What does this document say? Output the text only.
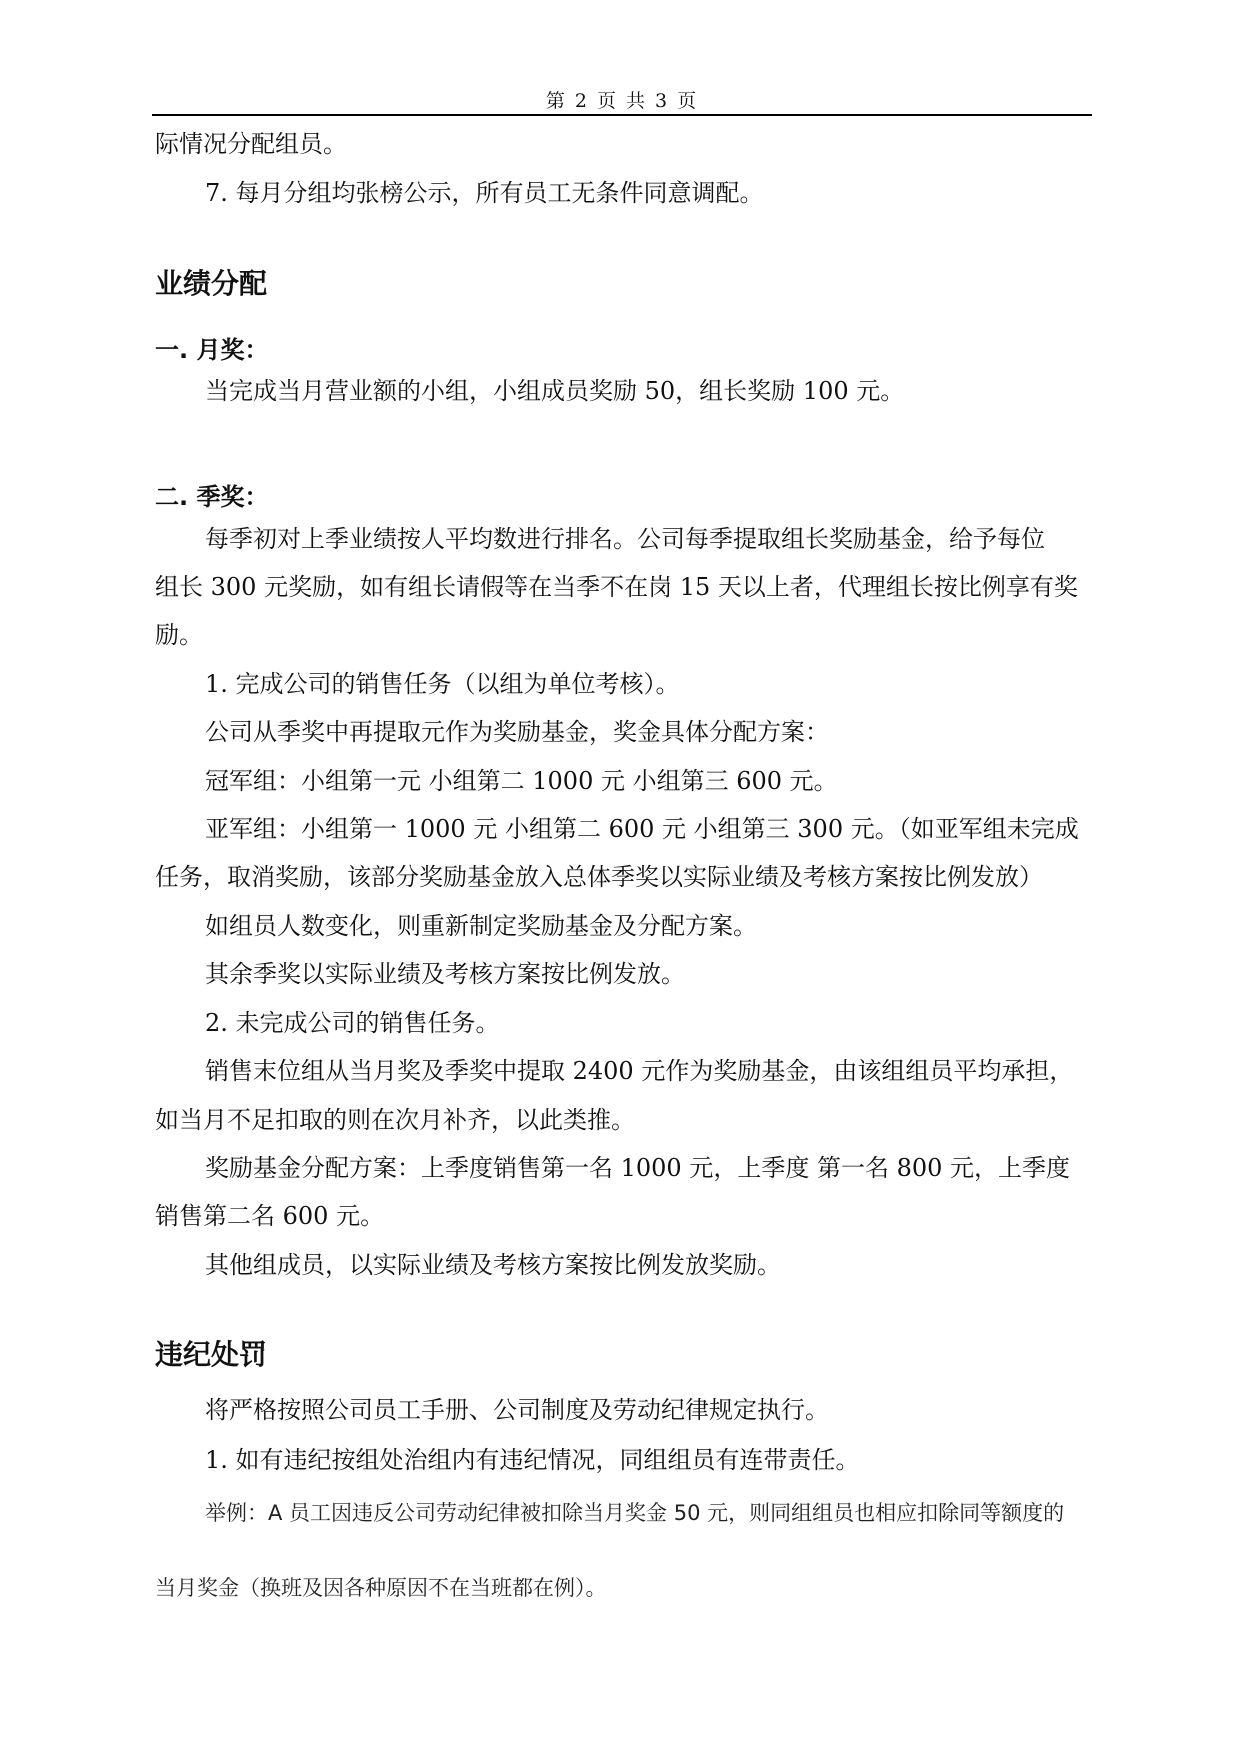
第 2 页 共 3 页
际情况分配组员。
7. 每月分组均张榜公示，所有员工无条件同意调配。
业绩分配
一. 月奖：
当完成当月营业额的小组，小组成员奖励 50，组长奖励 100 元。
二. 季奖：
每季初对上季业绩按人平均数进行排名。公司每季提取组长奖励基金，给予每位
组长 300 元奖励，如有组长请假等在当季不在岗 15 天以上者，代理组长按比例享有奖
励。
1. 完成公司的销售任务（以组为单位考核）。
公司从季奖中再提取元作为奖励基金，奖金具体分配方案：
冠军组：小组第一元 小组第二 1000 元 小组第三 600 元。
亚军组：小组第一 1000 元 小组第二 600 元 小组第三 300 元。（如亚军组未完成
任务，取消奖励，该部分奖励基金放入总体季奖以实际业绩及考核方案按比例发放）
如组员人数变化，则重新制定奖励基金及分配方案。
其余季奖以实际业绩及考核方案按比例发放。
2. 未完成公司的销售任务。
销售末位组从当月奖及季奖中提取 2400 元作为奖励基金，由该组组员平均承担，
如当月不足扣取的则在次月补齐，以此类推。
奖励基金分配方案：上季度销售第一名 1000 元，上季度 第一名 800 元，上季度
销售第二名 600 元。
其他组成员，以实际业绩及考核方案按比例发放奖励。
违纪处罚
将严格按照公司员工手册、公司制度及劳动纪律规定执行。
1. 如有违纪按组处治组内有违纪情况，同组组员有连带责任。
举例：A 员工因违反公司劳动纪律被扣除当月奖金 50 元，则同组组员也相应扣除同等额度的
当月奖金（换班及因各种原因不在当班都在例）。
